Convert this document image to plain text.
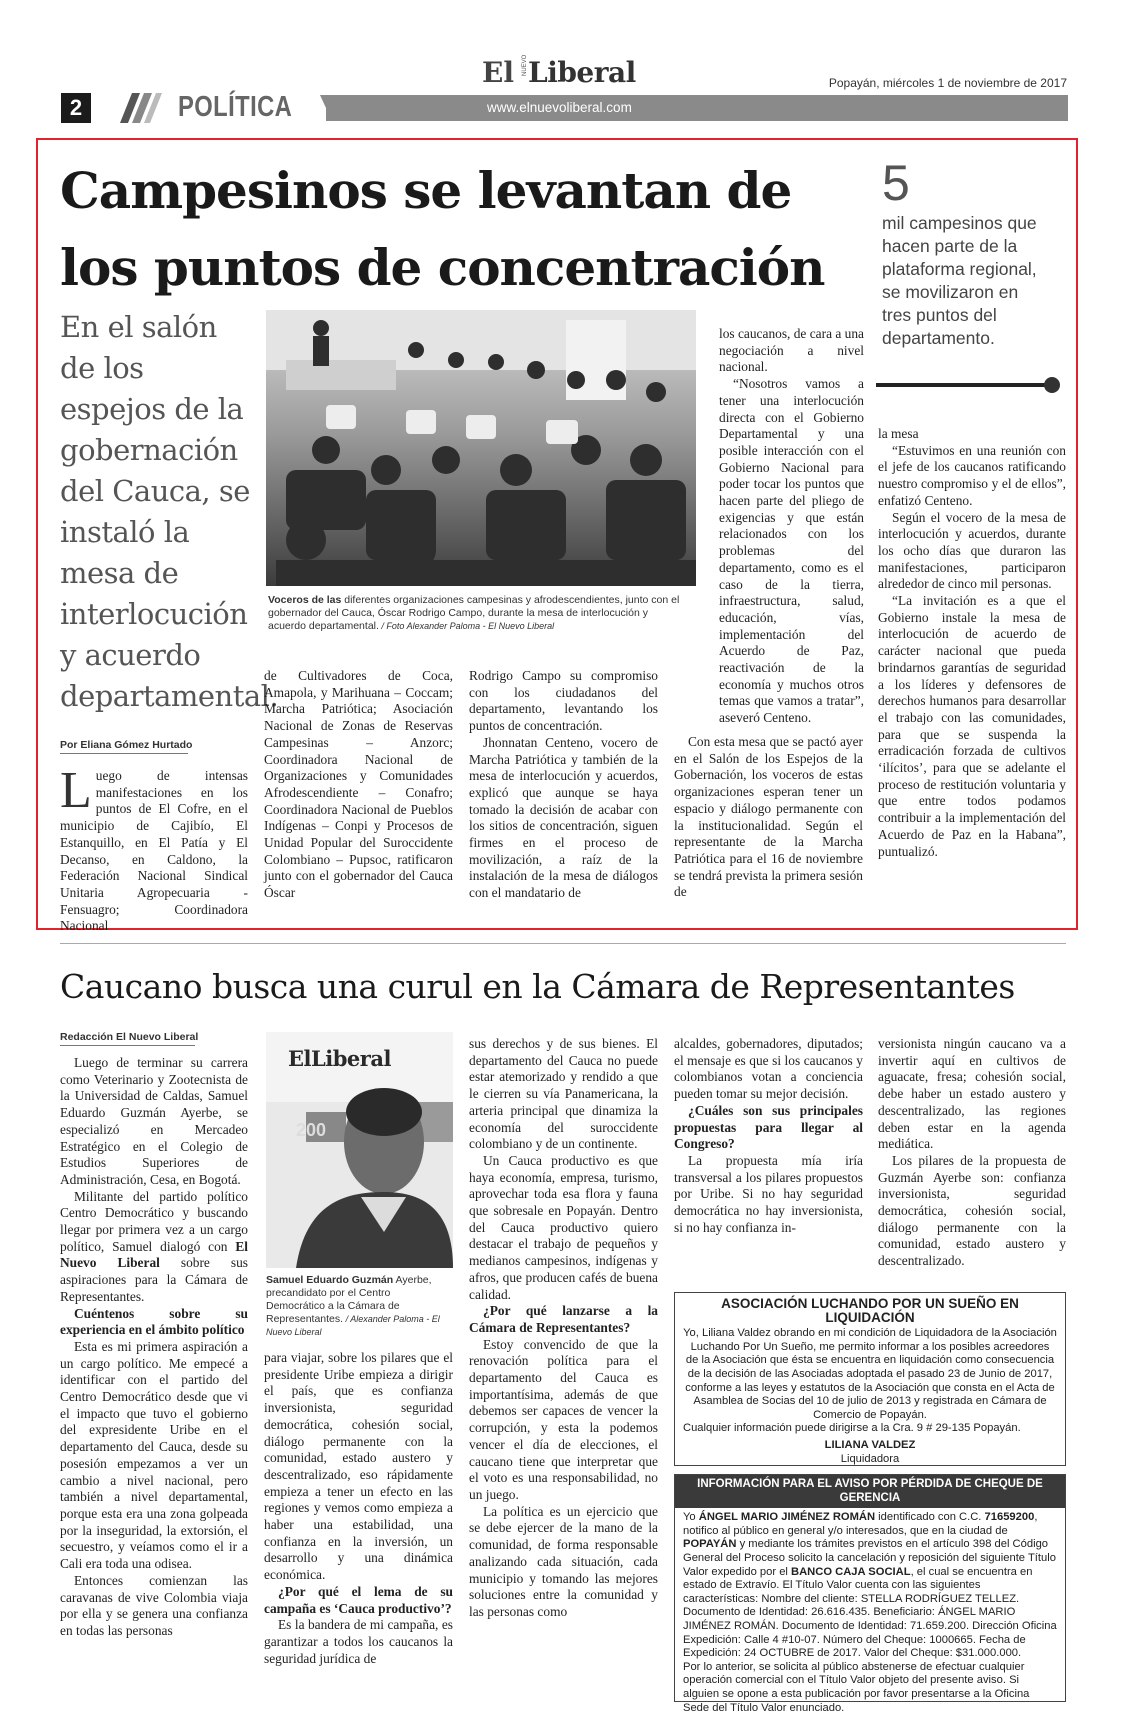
2	POLÍTICA	www.elnuevoliberal.com
El NUEVO Liberal	Popayán, miércoles 1 de noviembre de 2017
Campesinos se levantan de los puntos de concentración
5
mil campesinos que hacen parte de la plataforma regional, se movilizaron en tres puntos del departamento.
En el salón de los espejos de la gobernación del Cauca, se instaló la mesa de interlocución y acuerdo departamental.
Voceros de las diferentes organizaciones campesinas y afrodescendientes, junto con el gobernador del Cauca, Óscar Rodrigo Campo, durante la mesa de interlocución y acuerdo departamental. / Foto Alexander Paloma - El Nuevo Liberal
Por Eliana Gómez Hurtado
L uego de intensas manifestaciones en los puntos de El Cofre, en el municipio de Cajibío, El Estanquillo, en El Patía y El Decanso, en Caldono, la Federación Nacional Sindical Unitaria Agropecuaria - Fensuagro; Coordinadora Nacional

de Cultivadores de Coca, Amapola, y Marihuana – Coccam; Marcha Patriótica; Asociación Nacional de Zonas de Reservas Campesinas – Anzorc; Coordinadora Nacional de Organizaciones y Comunidades Afrodescendiente – Conafro; Coordinadora Nacional de Pueblos Indígenas – Conpi y Procesos de Unidad Popular del Suroccidente Colombiano – Pupsoc, ratificaron junto con el gobernador del Cauca Óscar

Rodrigo Campo su compromiso con los ciudadanos del departamento, levantando los puntos de concentración.

Jhonnatan Centeno, vocero de Marcha Patriótica y también de la mesa de interlocución y acuerdos, explicó que aunque se haya tomado la decisión de acabar con los sitios de concentración, siguen firmes en el proceso de movilización, a raíz de la instalación de la mesa de diálogos con el mandatario de

los caucanos, de cara a una negociación a nivel nacional.

“Nosotros vamos a tener una interlocución directa con el Gobierno Departamental y una posible interacción con el Gobierno Nacional para poder tocar los puntos que hacen parte del pliego de exigencias y que están relacionados con los problemas del departamento, como es el caso de la tierra, infraestructura, salud, educación, vías, implementación del Acuerdo de Paz, reactivación de la economía y muchos otros temas que vamos a tratar”, aseveró Centeno.

Con esta mesa que se pactó ayer en el Salón de los Espejos de la Gobernación, los voceros de estas organizaciones esperan tener un espacio y diálogo permanente con la institucionalidad. Según el representante de la Marcha Patriótica para el 16 de noviembre se tendrá prevista la primera sesión de

la mesa

“Estuvimos en una reunión con el jefe de los caucanos ratificando nuestro compromiso y el de ellos”, enfatizó Centeno.

Según el vocero de la mesa de interlocución y acuerdos, durante los ocho días que duraron las manifestaciones, participaron alrededor de cinco mil personas.

“La invitación es a que el Gobierno instale la mesa de interlocución de acuerdo de carácter nacional que pueda brindarnos garantías de seguridad a los líderes y defensores de derechos humanos para desarrollar el trabajo con las comunidades, para que se suspenda la erradicación forzada de cultivos ‘ilícitos’, para que se adelante el proceso de restitución voluntaria y que entre todos podamos contribuir a la implementación del Acuerdo de Paz en la Habana”, puntualizó.

Caucano busca una curul en la Cámara de Representantes
Redacción El Nuevo Liberal
ElLiberal
200
Samuel Eduardo Guzmán Ayerbe, precandidato por el Centro Democrático a la Cámara de Representantes. / Alexander Paloma - El Nuevo Liberal

Luego de terminar su carrera como Veterinario y Zootecnista de la Universidad de Caldas, Samuel Eduardo Guzmán Ayerbe, se especializó en Mercadeo Estratégico en el Colegio de Estudios Superiores de Administración, Cesa, en Bogotá.

Militante del partido político Centro Democrático y buscando llegar por primera vez a un cargo político, Samuel dialogó con El Nuevo Liberal sobre sus aspiraciones para la Cámara de Representantes.

Cuéntenos sobre su experiencia en el ámbito político

Esta es mi primera aspiración a un cargo político. Me empecé a identificar con el partido del Centro Democrático desde que vi el impacto que tuvo el gobierno del expresidente Uribe en el departamento del Cauca, desde su posesión empezamos a ver un cambio a nivel nacional, pero también a nivel departamental, porque esta era una zona golpeada por la inseguridad, la extorsión, el secuestro, y veíamos como el ir a Cali era toda una odisea.

Entonces comienzan las caravanas de vive Colombia viaja por ella y se genera una confianza en todas las personas

para viajar, sobre los pilares que el presidente Uribe empieza a dirigir el país, que es confianza inversionista, seguridad democrática, cohesión social, diálogo permanente con la comunidad, estado austero y descentralizado, eso rápidamente empieza a tener un efecto en las regiones y vemos como empieza a haber una estabilidad, una confianza en la inversión, un desarrollo y una dinámica económica.

¿Por qué el lema de su campaña es ‘Cauca productivo’?

Es la bandera de mi campaña, es garantizar a todos los caucanos la seguridad jurídica de

sus derechos y de sus bienes. El departamento del Cauca no puede estar atemorizado y rendido a que le cierren su vía Panamericana, la arteria principal que dinamiza la economía del suroccidente colombiano y de un continente.

Un Cauca productivo es que haya economía, empresa, turismo, aprovechar toda esa flora y fauna que sobresale en Popayán. Dentro del Cauca productivo quiero destacar el trabajo de pequeños y medianos campesinos, indígenas y afros, que producen cafés de buena calidad.

¿Por qué lanzarse a la Cámara de Representantes?

Estoy convencido de que la renovación política para el departamento del Cauca es importantísima, además de que debemos ser capaces de vencer la corrupción, y esta la podemos vencer el día de elecciones, el caucano tiene que interpretar que el voto es una responsabilidad, no un juego.

La política es un ejercicio que se debe ejercer de la mano de la comunidad, de forma responsable analizando cada situación, cada municipio y tomando las mejores soluciones entre la comunidad y las personas como

alcaldes, gobernadores, diputados; el mensaje es que si los caucanos y colombianos votan a conciencia pueden tomar su mejor decisión.

¿Cuáles son sus principales propuestas para llegar al Congreso?

La propuesta mía iría transversal a los pilares propuestos por Uribe. Si no hay seguridad democrática no hay inversionista, si no hay confianza in-

versionista ningún caucano va a invertir aquí en cultivos de aguacate, fresa; cohesión social, debe haber un estado austero y descentralizado, las regiones deben estar en la agenda mediática.

Los pilares de la propuesta de Guzmán Ayerbe son: confianza inversionista, seguridad democrática, cohesión social, diálogo permanente con la comunidad, estado austero y descentralizado.

ASOCIACIÓN LUCHANDO POR UN SUEÑO EN LIQUIDACIÓN
Yo, Liliana Valdez obrando en mi condición de Liquidadora de la Asociación Luchando Por Un Sueño, me permito informar a los posibles acreedores de la Asociación que ésta se encuentra en liquidación como consecuencia de la decisión de las Asociadas adoptada el pasado 23 de Junio de 2017, conforme a las leyes y estatutos de la Asociación que consta en el Acta de Asamblea de Socias del 10 de julio de 2013 y registrada en Cámara de Comercio de Popayán.
Cualquier información puede dirigirse a la Cra. 9 # 29-135 Popayán.
LILIANA VALDEZ
Liquidadora
INFORMACIÓN PARA EL AVISO POR PÉRDIDA DE CHEQUE DE GERENCIA
Yo ÁNGEL MARIO JIMÉNEZ ROMÁN identificado con C.C. 71659200, notifico al público en general y/o interesados, que en la ciudad de POPAYÁN y mediante los trámites previstos en el artículo 398 del Código General del Proceso solicito la cancelación y reposición del siguiente Título Valor expedido por el BANCO CAJA SOCIAL, el cual se encuentra en estado de Extravío. El Título Valor cuenta con las siguientes características: Nombre del cliente: STELLA RODRÍGUEZ TELLEZ. Documento de Identidad: 26.616.435. Beneficiario: ÁNGEL MARIO JIMÉNEZ ROMÁN. Documento de Identidad: 71.659.200. Dirección Oficina Expedición: Calle 4 #10-07. Número del Cheque: 1000665. Fecha de Expedición: 24 OCTUBRE de 2017. Valor del Cheque: $31.000.000.
Por lo anterior, se solicita al público abstenerse de efectuar cualquier operación comercial con el Título Valor objeto del presente aviso. Si alguien se opone a esta publicación por favor presentarse a la Oficina Sede del Título Valor enunciado.
